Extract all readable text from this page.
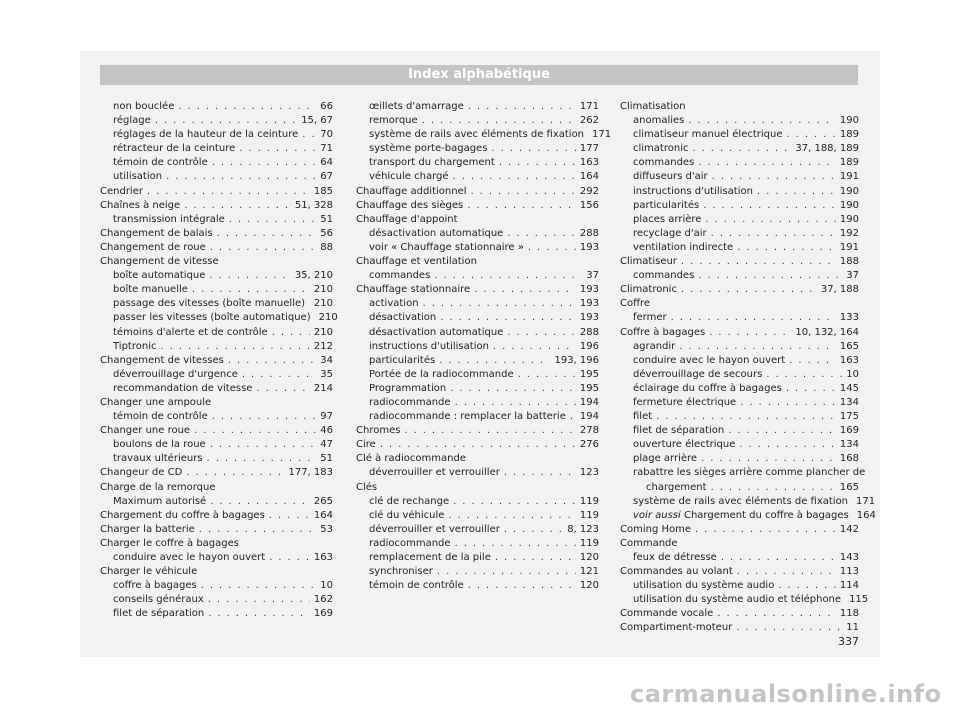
Index alphabétique
non bouclée . . .	66
réglage . . .	15, 67
réglages de la hauteur de la ceinture . . . 70
rétracteur de la ceinture . . .	71
témoin de contrôle . . .	64
utilisation . . .	67
Cendrier . . .	185
Chaînes à neige . . .	51, 328
transmission intégrale . . .	51
Changement de balais . . .	56
Changement de roue . . .	88
Changement de vitesse
boîte automatique . . .	35, 210
boîte manuelle . . .	210
passage des vitesses (boîte manuelle) . . . 210
passer les vitesses (boîte automatique) 210
témoins d'alerte et de contrôle . . .	210
Tiptronic . . .	212
Changement de vitesses . . .	34
déverrouillage d'urgence . . .	35
recommandation de vitesse . . .	214
Changer une ampoule
témoin de contrôle . . .	97
Changer une roue . . .	46
boulons de la roue . . .	47
travaux ultérieurs . . .	51
Changeur de CD . . .	177, 183
Charge de la remorque
Maximum autorisé . . .	265
Chargement du coffre à bagages . . .	164
Charger la batterie . . .	53
Charger le coffre à bagages
conduire avec le hayon ouvert . . .	163
Charger le véhicule
coffre à bagages . . .	10
conseils généraux . . .	162
filet de séparation . . .	169
œillets d'amarrage . . .	171
remorque . . .	262
système de rails avec éléments de fixation 171
système porte-bagages . . .	177
transport du chargement . . .	163
véhicule chargé . . .	164
Chauffage additionnel . . .	292
Chauffage des sièges . . .	156
Chauffage d'appoint
désactivation automatique . . .	288
voir « Chauffage stationnaire » . . .	193
Chauffage et ventilation
commandes . . .	37
Chauffage stationnaire . . .	193
activation . . .	193
désactivation . . .	193
désactivation automatique . . .	288
instructions d'utilisation . . .	196
particularités . . .	193, 196
Portée de la radiocommande . . .	195
Programmation . . .	195
radiocommande . . .	194
radiocommande : remplacer la batterie . . . 194
Chromes . . .	278
Cire . . .	276
Clé à radiocommande
déverrouiller et verrouiller . . .	123
Clés
clé de rechange . . .	119
clé du véhicule . . .	119
déverrouiller et verrouiller . . .	8, 123
radiocommande . . .	119
remplacement de la pile . . .	120
synchroniser . . .	121
témoin de contrôle . . .	120
Climatisation
anomalies . . .	190
climatiseur manuel électrique . . .	189
climatronic . . .	37, 188, 189
commandes . . .	189
diffuseurs d'air . . .	191
instructions d'utilisation . . .	190
particularités . . .	190
places arrière . . .	190
recyclage d'air . . .	192
ventilation indirecte . . .	191
Climatiseur . . .	188
commandes . . .	37
Climatronic . . .	37, 188
Coffre
fermer . . .	133
Coffre à bagages . . .	10, 132, 164
agrandir . . .	165
conduire avec le hayon ouvert . . .	163
déverrouillage de secours . . .	10
éclairage du coffre à bagages . . .	145
fermeture électrique . . .	134
filet . . .	175
filet de séparation . . .	169
ouverture électrique . . .	134
plage arrière . . .	168
rabattre les sièges arrière comme plancher de
chargement . . .	165
système de rails avec éléments de fixation 171
voir aussi Chargement du coffre à bagages 164
Coming Home . . .	142
Commande
feux de détresse . . .	143
Commandes au volant . . .	113
utilisation du système audio . . .	114
utilisation du système audio et téléphone 115
Commande vocale . . .	118
Compartiment-moteur . . .	11
337
carmanualsonline.info
